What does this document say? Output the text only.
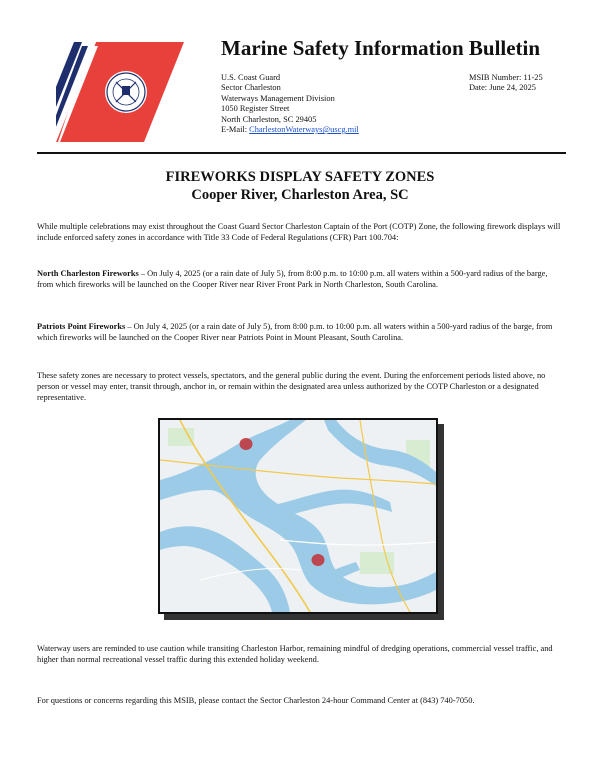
Marine Safety Information Bulletin
U.S. Coast Guard
Sector Charleston
Waterways Management Division
1050 Register Street
North Charleston, SC 29405
E-Mail: CharlestonWaterways@uscg.mil
MSIB Number: 11-25
Date: June 24, 2025
FIREWORKS DISPLAY SAFETY ZONES
Cooper River, Charleston Area, SC

While multiple celebrations may exist throughout the Coast Guard Sector Charleston Captain of the Port (COTP) Zone, the following firework displays will include enforced safety zones in accordance with Title 33 Code of Federal Regulations (CFR) Part 100.704:

North Charleston Fireworks – On July 4, 2025 (or a rain date of July 5), from 8:00 p.m. to 10:00 p.m. all waters within a 500-yard radius of the barge, from which fireworks will be launched on the Cooper River near River Front Park in North Charleston, South Carolina.

Patriots Point Fireworks – On July 4, 2025 (or a rain date of July 5), from 8:00 p.m. to 10:00 p.m. all waters within a 500-yard radius of the barge, from which fireworks will be launched on the Cooper River near Patriots Point in Mount Pleasant, South Carolina.

These safety zones are necessary to protect vessels, spectators, and the general public during the event. During the enforcement periods listed above, no person or vessel may enter, transit through, anchor in, or remain within the designated area unless authorized by the COTP Charleston or a designated representative.

Waterway users are reminded to use caution while transiting Charleston Harbor, remaining mindful of dredging operations, commercial vessel traffic, and higher than normal recreational vessel traffic during this extended holiday weekend.

For questions or concerns regarding this MSIB, please contact the Sector Charleston 24-hour Command Center at (843) 740-7050.
